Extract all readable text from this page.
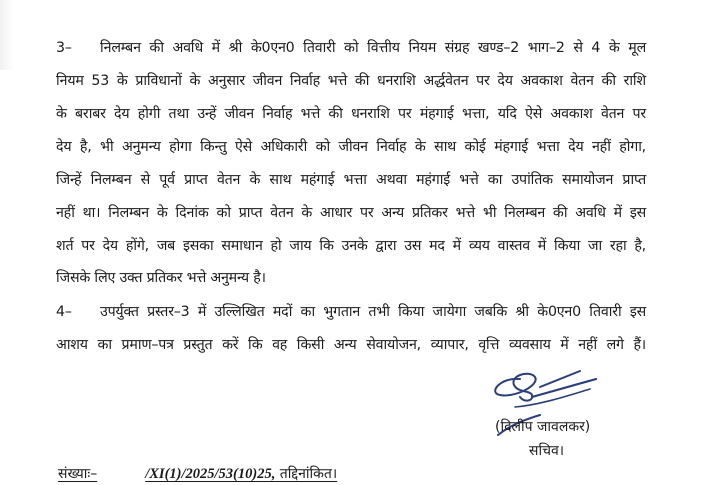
3– निलम्बन की अवधि में श्री के0एन0 तिवारी को वित्तीय नियम संग्रह खण्ड–2 भाग–2 से 4 के मूल
नियम 53 के प्राविधानों के अनुसार जीवन निर्वाह भत्ते की धनराशि अर्द्धवेतन पर देय अवकाश वेतन की राशि
के बराबर देय होगी तथा उन्हें जीवन निर्वाह भत्ते की धनराशि पर मंहगाई भत्ता, यदि ऐसे अवकाश वेतन पर
देय है, भी अनुमन्य होगा किन्तु ऐसे अधिकारी को जीवन निर्वाह के साथ कोई मंहगाई भत्ता देय नहीं होगा,
जिन्हें निलम्बन से पूर्व प्राप्त वेतन के साथ महंगाई भत्ता अथवा महंगाई भत्ते का उपांतिक समायोजन प्राप्त
नहीं था। निलम्बन के दिनांक को प्राप्त वेतन के आधार पर अन्य प्रतिकर भत्ते भी निलम्बन की अवधि में इस
शर्त पर देय होंगे, जब इसका समाधान हो जाय कि उनके द्वारा उस मद में व्यय वास्तव में किया जा रहा है,
जिसके लिए उक्त प्रतिकर भत्ते अनुमन्य है।
4– उपर्युक्त प्रस्तर–3 में उल्लिखित मदों का भुगतान तभी किया जायेगा जबकि श्री के0एन0 तिवारी इस
आशय का प्रमाण–पत्र प्रस्तुत करें कि वह किसी अन्य सेवायोजन, व्यापार, वृत्ति व्यवसाय में नहीं लगे हैं।
(दिलीप जावलकर)
सचिव।
संख्याः–	/XI(1)/2025/53(10)25, तद्दिनांकित।
